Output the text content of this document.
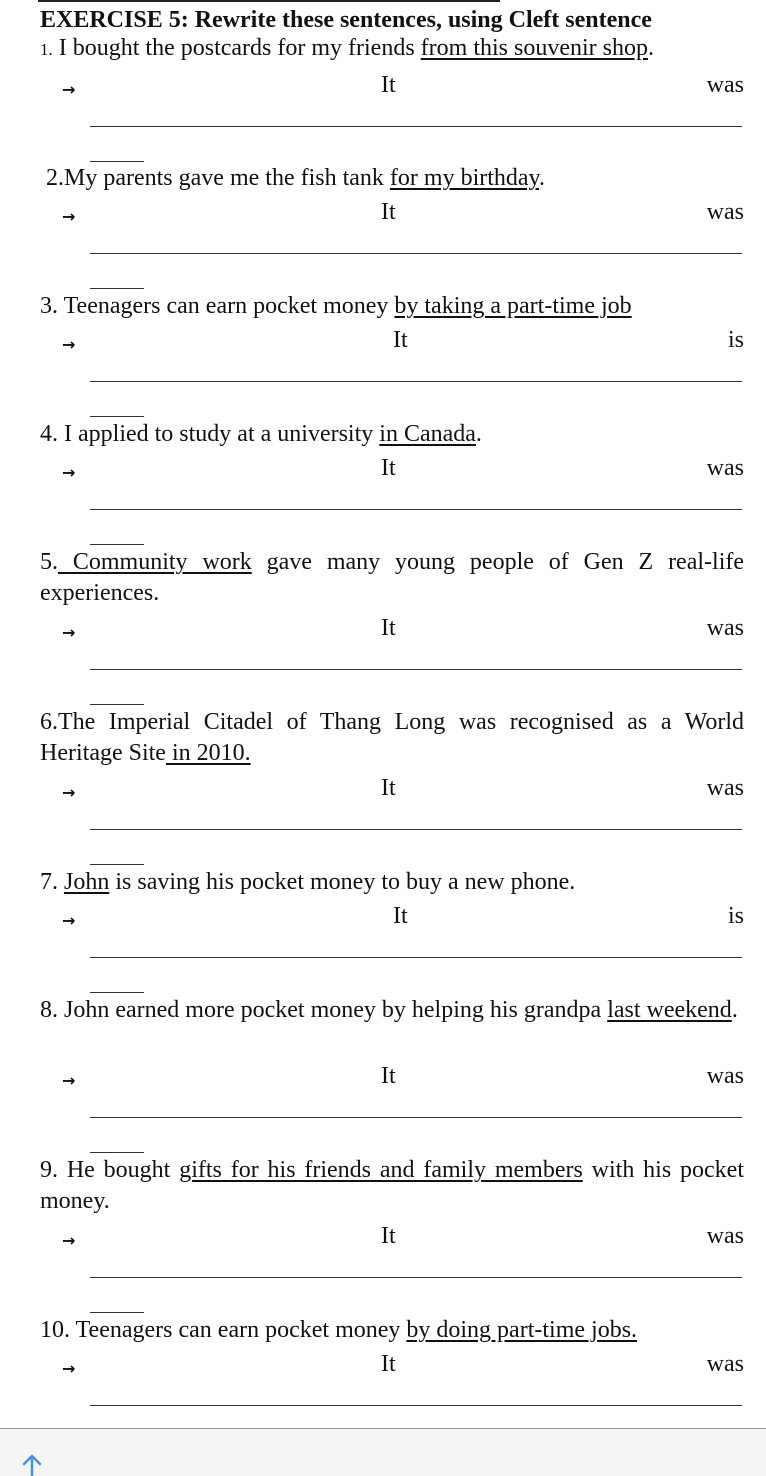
EXERCISE 5: Rewrite these sentences, using Cleft sentence
1. I bought the postcards for my friends from this souvenir shop.
→	It	was
2.My parents gave me the fish tank for my birthday.
→	It	was
3. Teenagers can earn pocket money by taking a part-time job
→	It	is
4. I applied to study at a university in Canada.
→	It	was
5. Community work gave many young people of Gen Z real-life experiences.
→	It	was
6.The Imperial Citadel of Thang Long was recognised as a World Heritage Site in 2010.
→	It	was
7. John is saving his pocket money to buy a new phone.
→	It	is
8. John earned more pocket money by helping his grandpa last weekend.
→	It	was
9. He bought gifts for his friends and family members with his pocket money.
→	It	was
10. Teenagers can earn pocket money by doing part-time jobs.
→	It	was
